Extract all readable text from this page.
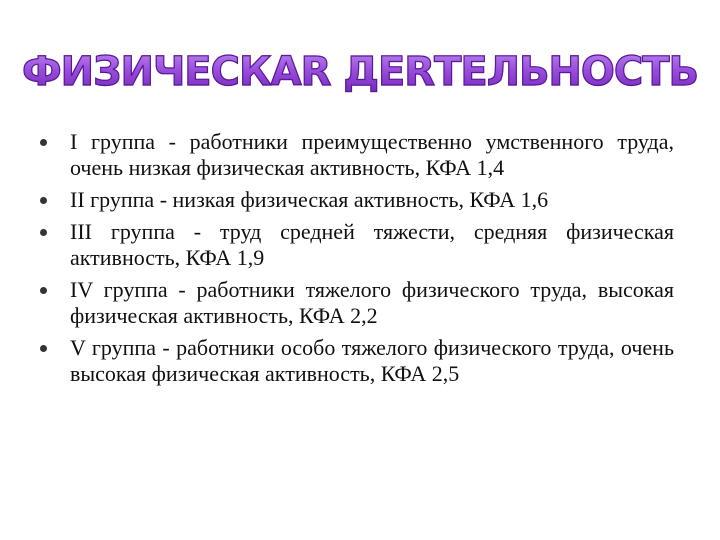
ФИЗИЧЕСКАR ДЕRТЕЛЬНОСТЬ
I группа - работники преимущественно умственного труда, очень низкая физическая активность, КФА 1,4
II группа - низкая физическая активность, КФА 1,6
III группа - труд средней тяжести, средняя физическая активность, КФА 1,9
IV группа - работники тяжелого физического труда, высокая физическая активность, КФА 2,2
V группа - работники особо тяжелого физического труда, очень высокая физическая активность, КФА 2,5
